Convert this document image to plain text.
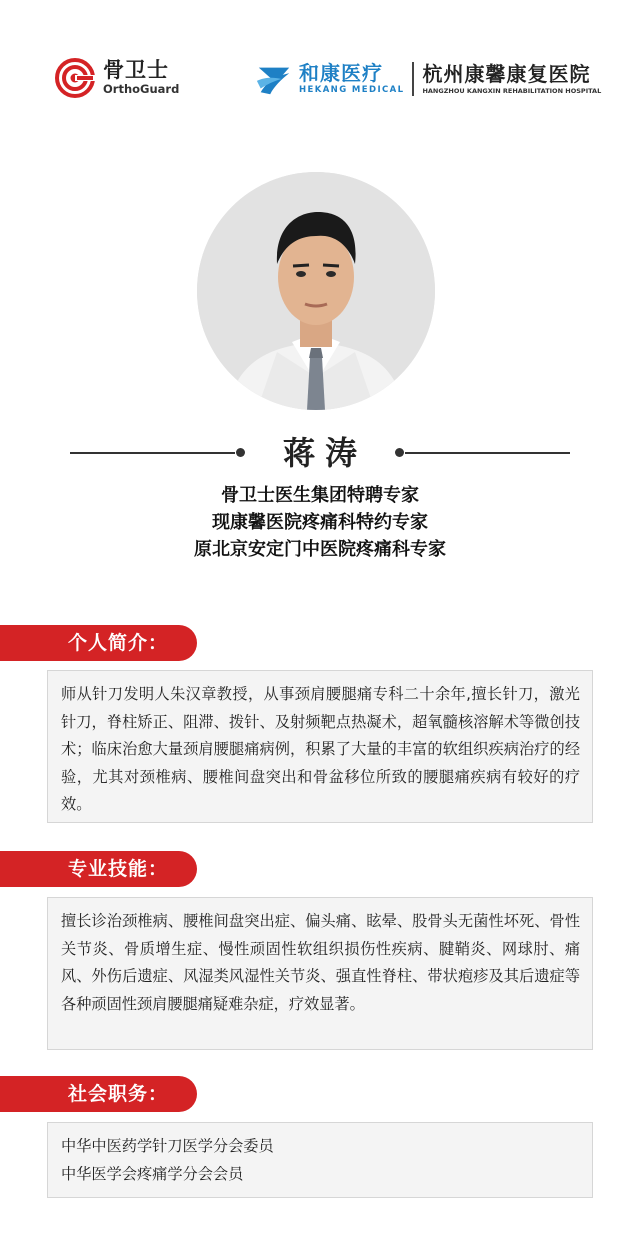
骨卫士
OrthoGuard
和康医疗
HEKANG MEDICAL
杭州康馨康复医院
HANGZHOU KANGXIN REHABILITATION HOSPITAL
蒋涛
骨卫士医生集团特聘专家
现康馨医院疼痛科特约专家
原北京安定门中医院疼痛科专家
个人简介：
师从针刀发明人朱汉章教授，从事颈肩腰腿痛专科二十余年,擅长针刀，激光针刀，脊柱矫正、阻滞、拨针、及射频靶点热凝术，超氧髓核溶解术等微创技术；临床治愈大量颈肩腰腿痛病例，积累了大量的丰富的软组织疾病治疗的经验，尤其对颈椎病、腰椎间盘突出和骨盆移位所致的腰腿痛疾病有较好的疗效。
专业技能：
擅长诊治颈椎病、腰椎间盘突出症、偏头痛、眩晕、股骨头无菌性坏死、骨性关节炎、骨质增生症、慢性顽固性软组织损伤性疾病、腱鞘炎、网球肘、痛风、外伤后遗症、风湿类风湿性关节炎、强直性脊柱、带状疱疹及其后遗症等各种顽固性颈肩腰腿痛疑难杂症，疗效显著。
社会职务：
中华中医药学针刀医学分会委员
中华医学会疼痛学分会会员
